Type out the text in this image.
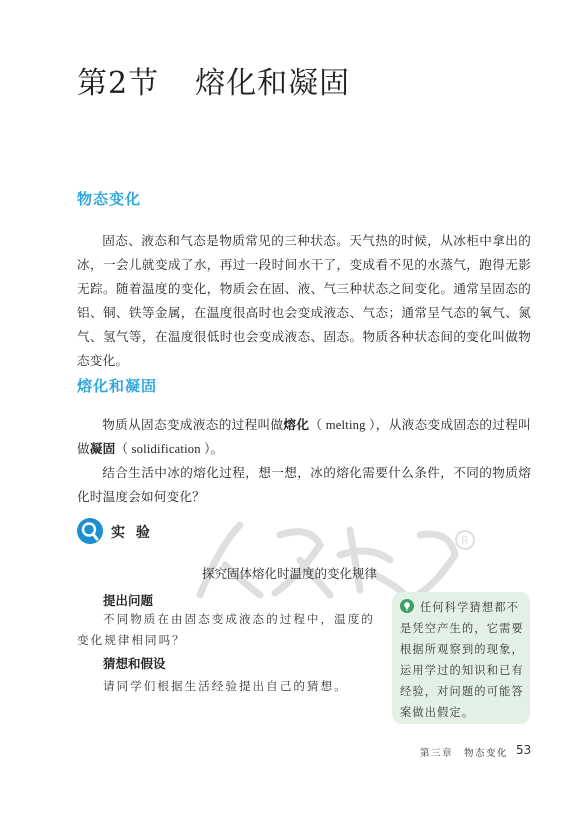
R
第2节 熔化和凝固
物态变化

固态、液态和气态是物质常见的三种状态。天气热的时候，从冰柜中拿出的冰，一会儿就变成了水，再过一段时间水干了，变成看不见的水蒸气，跑得无影无踪。随着温度的变化，物质会在固、液、气三种状态之间变化。通常呈固态的铝、铜、铁等金属，在温度很高时也会变成液态、气态；通常呈气态的氧气、氮气、氢气等，在温度很低时也会变成液态、固态。物质各种状态间的变化叫做物态变化。

熔化和凝固

物质从固态变成液态的过程叫做熔化（ melting ），从液态变成固态的过程叫做凝固（ solidification ）。

结合生活中冰的熔化过程，想一想，冰的熔化需要什么条件，不同的物质熔化时温度会如何变化？

实 验
探究固体熔化时温度的变化规律
提出问题
不同物质在由固态变成液态的过程中，温度的
变化规律相同吗？
猜想和假设
请同学们根据生活经验提出自己的猜想。
任何科学猜想都不是凭空产生的，它需要根据所观察到的现象，运用学过的知识和已有经验，对问题的可能答案做出假定。
第三章　物态变化 53
